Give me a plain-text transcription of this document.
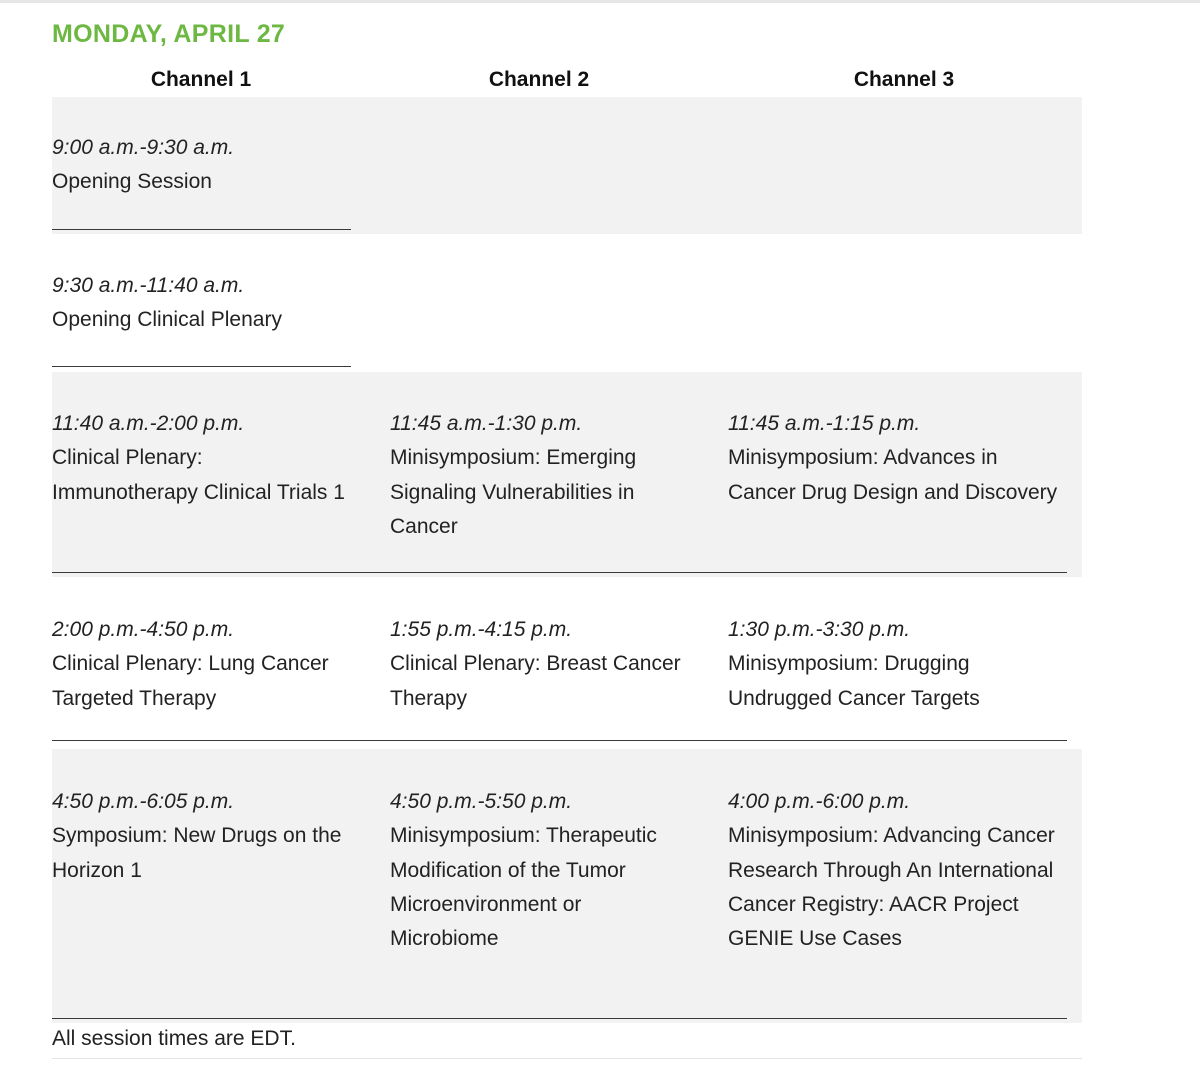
MONDAY, APRIL 27
Channel 1	Channel 2	Channel 3
9:00 a.m.-9:30 a.m.
Opening Session
9:30 a.m.-11:40 a.m.
Opening Clinical Plenary
11:40 a.m.-2:00 p.m.
Clinical Plenary: Immunotherapy Clinical Trials 1
11:45 a.m.-1:30 p.m.
Minisymposium: Emerging Signaling Vulnerabilities in Cancer
11:45 a.m.-1:15 p.m.
Minisymposium: Advances in Cancer Drug Design and Discovery
2:00 p.m.-4:50 p.m.
Clinical Plenary: Lung Cancer Targeted Therapy
1:55 p.m.-4:15 p.m.
Clinical Plenary: Breast Cancer Therapy
1:30 p.m.-3:30 p.m.
Minisymposium: Drugging Undrugged Cancer Targets
4:50 p.m.-6:05 p.m.
Symposium: New Drugs on the Horizon 1
4:50 p.m.-5:50 p.m.
Minisymposium: Therapeutic Modification of the Tumor Microenvironment or Microbiome
4:00 p.m.-6:00 p.m.
Minisymposium: Advancing Cancer Research Through An International Cancer Registry: AACR Project GENIE Use Cases
All session times are EDT.
